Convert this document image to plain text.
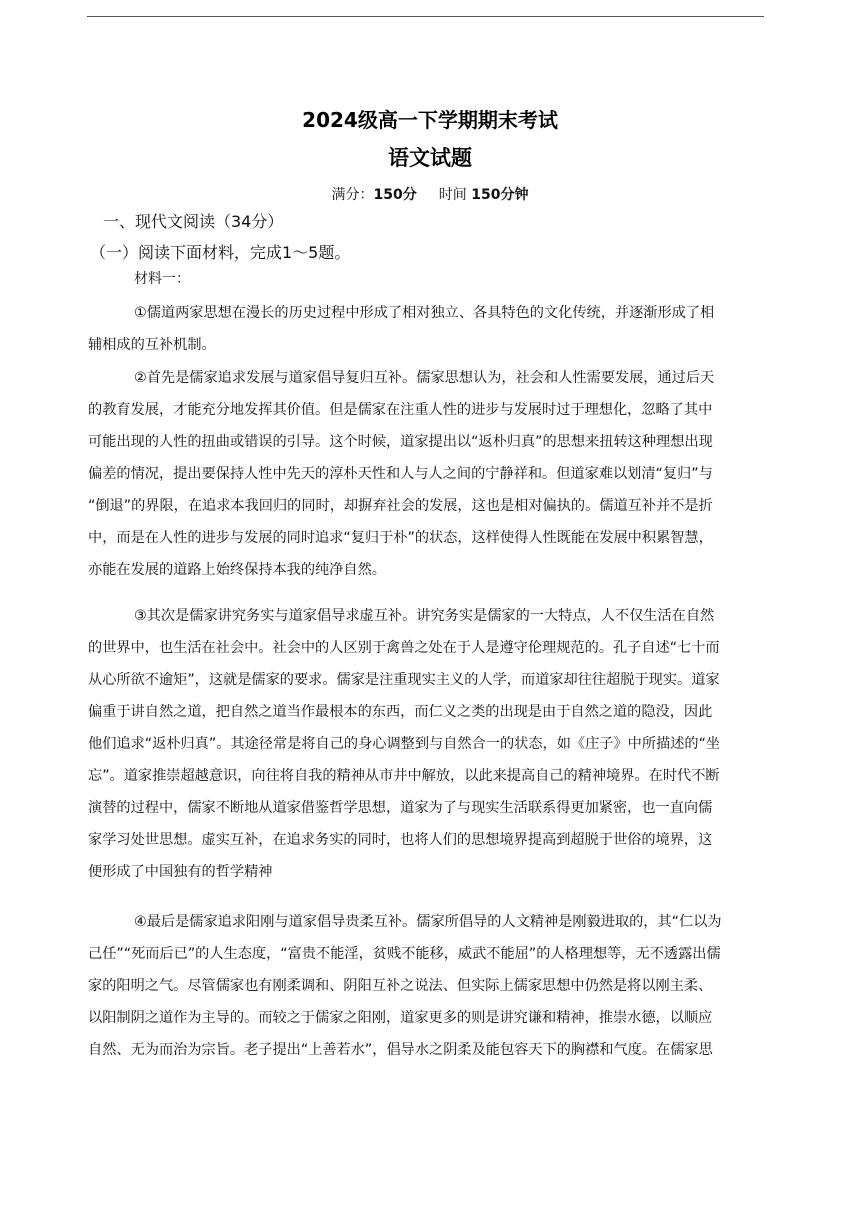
2024级高一下学期期末考试
语文试题
满分：150分 时间 150分钟
一、现代文阅读（34分）
（一）阅读下面材料，完成1～5题。
材料一：
①儒道两家思想在漫长的历史过程中形成了相对独立、各具特色的文化传统，并逐渐形成了相
辅相成的互补机制。
②首先是儒家追求发展与道家倡导复归互补。儒家思想认为，社会和人性需要发展，通过后天
的教育发展，才能充分地发挥其价值。但是儒家在注重人性的进步与发展时过于理想化，忽略了其中
可能出现的人性的扭曲或错误的引导。这个时候，道家提出以“返朴归真”的思想来扭转这种理想出现
偏差的情况，提出要保持人性中先天的淳朴天性和人与人之间的宁静祥和。但道家难以划清“复归”与
“倒退”的界限，在追求本我回归的同时，却摒弃社会的发展，这也是相对偏执的。儒道互补并不是折
中，而是在人性的进步与发展的同时追求“复归于朴”的状态，这样使得人性既能在发展中积累智慧，
亦能在发展的道路上始终保持本我的纯净自然。
③其次是儒家讲究务实与道家倡导求虚互补。讲究务实是儒家的一大特点，人不仅生活在自然
的世界中，也生活在社会中。社会中的人区别于禽兽之处在于人是遵守伦理规范的。孔子自述“七十而
从心所欲不逾矩”，这就是儒家的要求。儒家是注重现实主义的人学，而道家却往往超脱于现实。道家
偏重于讲自然之道，把自然之道当作最根本的东西，而仁义之类的出现是由于自然之道的隐没，因此
他们追求“返朴归真”。其途径常是将自己的身心调整到与自然合一的状态，如《庄子》中所描述的“坐
忘”。道家推崇超越意识，向往将自我的精神从市井中解放，以此来提高自己的精神境界。在时代不断
演替的过程中，儒家不断地从道家借鉴哲学思想，道家为了与现实生活联系得更加紧密，也一直向儒
家学习处世思想。虚实互补，在追求务实的同时，也将人们的思想境界提高到超脱于世俗的境界，这
便形成了中国独有的哲学精神
④最后是儒家追求阳刚与道家倡导贵柔互补。儒家所倡导的人文精神是刚毅进取的，其“仁以为
己任”“死而后已”的人生态度，“富贵不能淫，贫贱不能移，威武不能屈”的人格理想等，无不透露出儒
家的阳明之气。尽管儒家也有刚柔调和、阴阳互补之说法、但实际上儒家思想中仍然是将以刚主柔、
以阳制阴之道作为主导的。而较之于儒家之阳刚，道家更多的则是讲究谦和精神，推崇水德，以顺应
自然、无为而治为宗旨。老子提出“上善若水”，倡导水之阴柔及能包容天下的胸襟和气度。在儒家思
